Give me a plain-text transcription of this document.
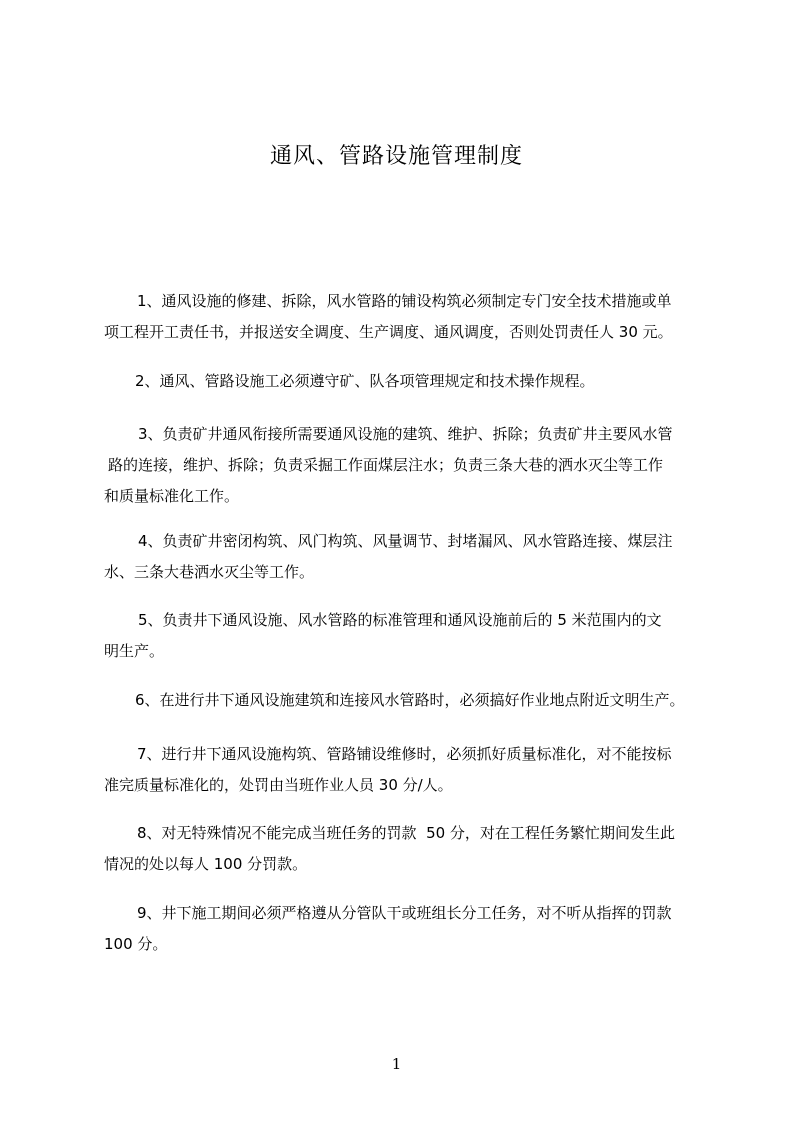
通风、管路设施管理制度
1、通风设施的修建、拆除，风水管路的铺设构筑必须制定专门安全技术措施或单
项工程开工责任书，并报送安全调度、生产调度、通风调度，否则处罚责任人 30 元。
2、通风、管路设施工必须遵守矿、队各项管理规定和技术操作规程。
3、负责矿井通风衔接所需要通风设施的建筑、维护、拆除；负责矿井主要风水管
路的连接，维护、拆除；负责采掘工作面煤层注水；负责三条大巷的洒水灭尘等工作
和质量标准化工作。
4、负责矿井密闭构筑、风门构筑、风量调节、封堵漏风、风水管路连接、煤层注
水、三条大巷洒水灭尘等工作。
5、负责井下通风设施、风水管路的标准管理和通风设施前后的 5 米范围内的文
明生产。
6、在进行井下通风设施建筑和连接风水管路时，必须搞好作业地点附近文明生产。
7、进行井下通风设施构筑、管路铺设维修时，必须抓好质量标准化，对不能按标
准完质量标准化的，处罚由当班作业人员 30 分/人。
8、对无特殊情况不能完成当班任务的罚款  50 分，对在工程任务繁忙期间发生此
情况的处以每人 100 分罚款。
9、井下施工期间必须严格遵从分管队干或班组长分工任务，对不听从指挥的罚款
100 分。
1
